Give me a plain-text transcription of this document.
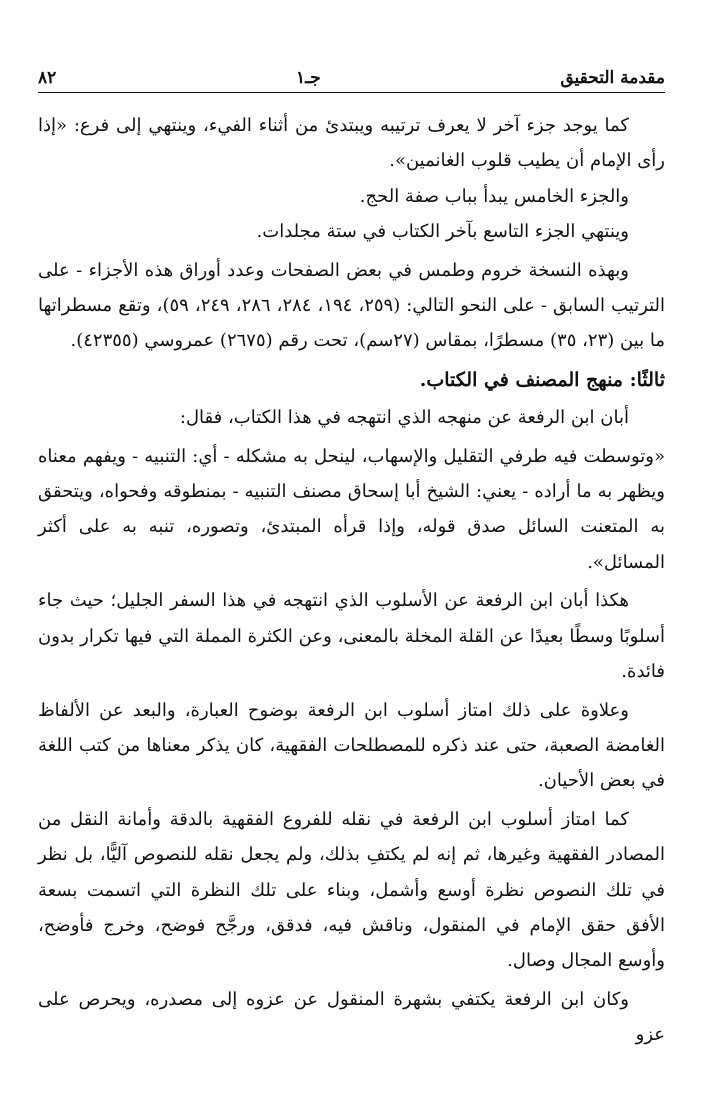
مقدمة التحقيق
جـ١
٨٢

كما يوجد جزء آخر لا يعرف ترتيبه ويبتدئ من أثناء الفيء، وينتهي إلى فرع: «إذا رأى الإمام أن يطيب قلوب الغانمين».

والجزء الخامس يبدأ بباب صفة الحج.

وينتهي الجزء التاسع بآخر الكتاب في ستة مجلدات.

وبهذه النسخة خروم وطمس في بعض الصفحات وعدد أوراق هذه الأجزاء - على الترتيب السابق - على النحو التالي: (٢٥٩، ١٩٤، ٢٨٤، ٢٨٦، ٢٤٩، ٥٩)، وتقع مسطراتها ما بين (٢٣، ٣٥) مسطرًا، بمقاس (٢٧سم)، تحت رقم (٢٦٧٥) عمروسي (٤٢٣٥٥).

ثالثًا: منهج المصنف في الكتاب.

أبان ابن الرفعة عن منهجه الذي انتهجه في هذا الكتاب، فقال:

«وتوسطت فيه طرفي التقليل والإسهاب، لينحل به مشكله - أي: التنبيه - ويفهم معناه ويظهر به ما أراده - يعني: الشيخ أبا إسحاق مصنف التنبيه - بمنطوقه وفحواه، ويتحقق به المتعنت السائل صدق قوله، وإذا قرأه المبتدئ، وتصوره، تنبه به على أكثر المسائل».

هكذا أبان ابن الرفعة عن الأسلوب الذي انتهجه في هذا السفر الجليل؛ حيث جاء أسلوبًا وسطًا بعيدًا عن القلة المخلة بالمعنى، وعن الكثرة المملة التي فيها تكرار بدون فائدة.

وعلاوة على ذلك امتاز أسلوب ابن الرفعة بوضوح العبارة، والبعد عن الألفاظ الغامضة الصعبة، حتى عند ذكره للمصطلحات الفقهية، كان يذكر معناها من كتب اللغة في بعض الأحيان.

كما امتاز أسلوب ابن الرفعة في نقله للفروع الفقهية بالدقة وأمانة النقل من المصادر الفقهية وغيرها، ثم إنه لم يكتفِ بذلك، ولم يجعل نقله للنصوص آليًّا، بل نظر في تلك النصوص نظرة أوسع وأشمل، وبناء على تلك النظرة التي اتسمت بسعة الأفق حقق الإمام في المنقول، وناقش فيه، فدقق، ورجَّح فوضح، وخرج فأوضح، وأوسع المجال وصال.

وكان ابن الرفعة يكتفي بشهرة المنقول عن عزوه إلى مصدره، ويحرص على عزو
